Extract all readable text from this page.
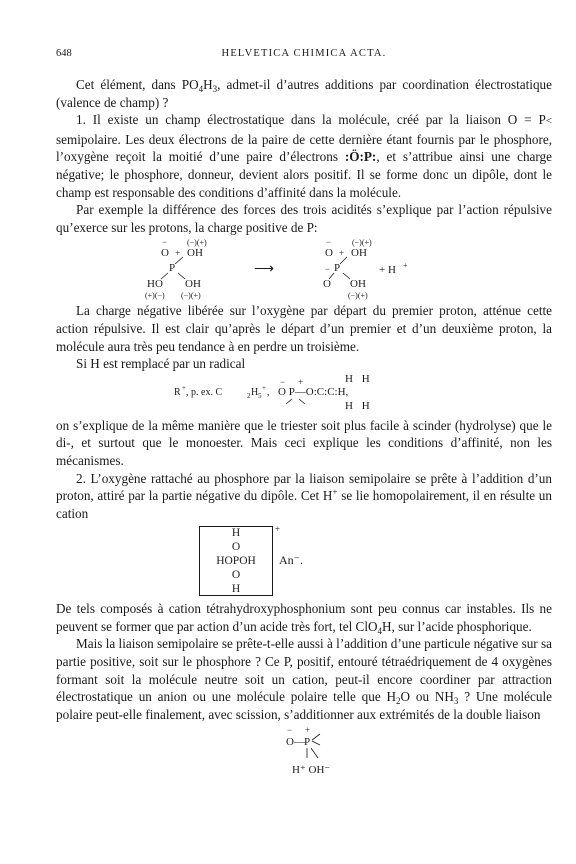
648	HELVETICA CHIMICA ACTA.

Cet élément, dans $PO_4H_3$, admet-il d’autres additions par coordination électrostatique (valence de champ) ?

1. Il existe un champ électrostatique dans la molécule, créé par la liaison O = P< semipolaire. Les deux électrons de la paire de cette dernière étant fournis par le phosphore, l’oxygène reçoit la moitié d’une paire d’électrons :Ö:P:, et s’attribue ainsi une charge négative; le phosphore, donneur, devient alors positif. Il se forme donc un dipôle, dont le champ est responsable des conditions d’affinité dans la molécule.

Par exemple la différence des forces des trois acidités s’explique par l’action répulsive qu’exerce sur les protons, la charge positive de P:

(−)(+)
−
O + OH
P
HO OH
(+)(−) (−)(+)
⟶
(−)(+)
−
O + OH
− P
O OH
(−)(+)
+ H +

La charge négative libérée sur l’oxygène par départ du premier proton, atténue cette action répulsive. Il est clair qu’après le départ d’un premier et d’un deuxième proton, la molécule aura très peu tendance à en perdre un troisième.

Si H est remplacé par un radical

H H
R + , p. ex. C	2 H 5
+ ,
− +
O P—O:C:C:H,
H H

on s’explique de la même manière que le triester soit plus facile à scinder (hydrolyse) que le di-, et surtout que le monoester. Mais ceci explique les conditions d’affinité, non les mécanismes.

2. L’oxygène rattaché au phosphore par la liaison semipolaire se prête à l’addition d’un proton, attiré par la partie négative du dipôle. Cet H+ se lie homopolairement, il en résulte un cation

H
O
HOPOH
O
H
+
An⁻.

De tels composés à cation tétrahydroxyphosphonium sont peu connus car instables. Ils ne peuvent se former que par action d’un acide très fort, tel ClO$_4$H, sur l’acide phosphorique.

Mais la liaison semipolaire se prête-t-elle aussi à l’addition d’une particule négative sur sa partie positive, soit sur le phosphore ? Ce P, positif, entouré tétraédriquement de 4 oxygènes formant soit la molécule neutre soit un cation, peut-il encore coordiner par attraction électrostatique un anion ou une molécule polaire telle que $H_2O$ ou $NH_3$ ? Une molécule polaire peut-elle finalement, avec scission, s’additionner aux extrémités de la double liaison

− +
O — P
H⁺ OH⁻
